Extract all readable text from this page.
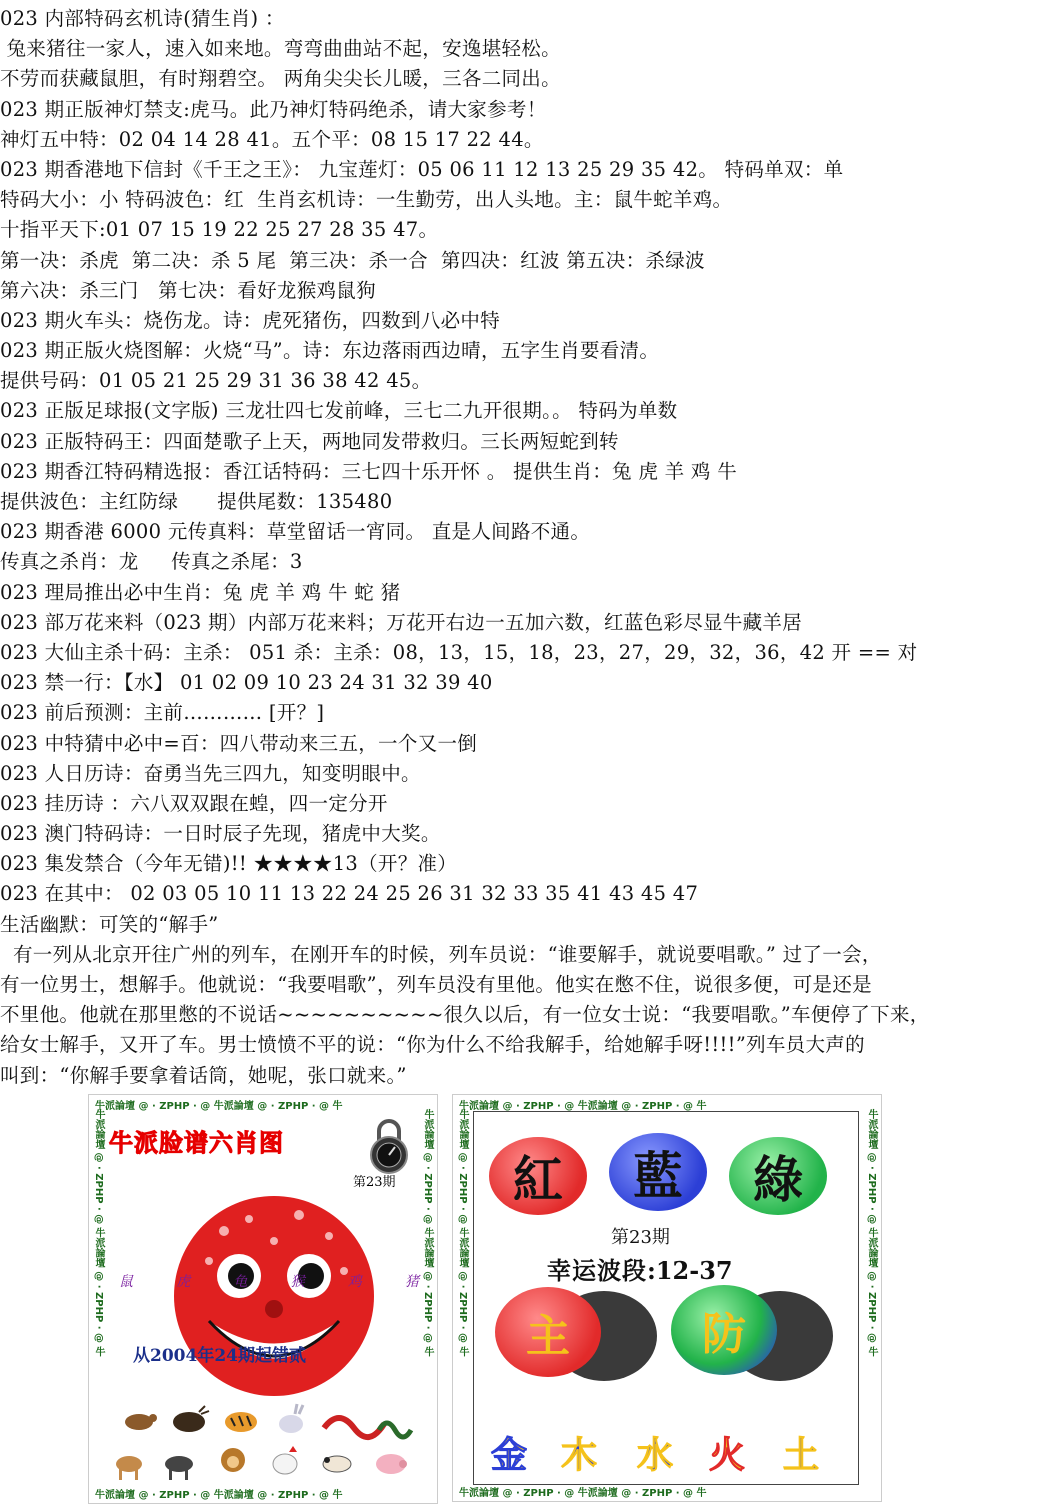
023 内部特码玄机诗(猜生肖) ：
兔来猪往一家人，速入如来地。弯弯曲曲站不起，安逸堪轻松。
不劳而获藏鼠胆，有时翔碧空。 两角尖尖长儿暖，三各二同出。
023 期正版神灯禁支:虎马。此乃神灯特码绝杀，请大家参考！
神灯五中特：02 04 14 28 41。五个平：08 15 17 22 44。
023 期香港地下信封《千王之王》： 九宝莲灯：05 06 11 12 13 25 29 35 42。 特码单双：单
特码大小：小 特码波色：红  生肖玄机诗：一生勤劳，出人头地。主：鼠牛蛇羊鸡。
十指平天下:01 07 15 19 22 25 27 28 35 47。
第一决：杀虎  第二决：杀 5 尾  第三决：杀一合  第四决：红波 第五决：杀绿波
第六决：杀三门   第七决：看好龙猴鸡鼠狗
023 期火车头：烧伤龙。诗：虎死猪伤，四数到八必中特
023 期正版火烧图解：火烧“马”。诗：东边落雨西边晴，五字生肖要看清。
提供号码：01 05 21 25 29 31 36 38 42 45。
023 正版足球报(文字版) 三龙壮四七发前峰，三七二九开很期。。 特码为单数
023 正版特码王：四面楚歌子上天，两地同发带救归。三长两短蛇到转
023 期香江特码精选报：香江话特码：三七四十乐开怀 。 提供生肖：兔 虎 羊 鸡 牛
提供波色：主红防绿      提供尾数：135480
023 期香港 6000 元传真料：草堂留话一宵同。 直是人间路不通。
传真之杀肖：龙     传真之杀尾：3
023 理局推出必中生肖：兔 虎 羊 鸡 牛 蛇 猪
023 部万花来料（023 期）内部万花来料；万花开右边一五加六数，红蓝色彩尽显牛藏羊居
023 大仙主杀十码：主杀： 051 杀：主杀：08，13，15，18，23，27，29，32，36，42 开 == 对
023 禁一行：【水】 01 02 09 10 23 24 31 32 39 40
023 前后预测：主前………… [开？]
023 中特猜中必中=百：四八带动来三五，一个又一倒
023 人日历诗：奋勇当先三四九，知变明眼中。
023 挂历诗 ：六八双双跟在蝗，四一定分开
023 澳门特码诗：一日时辰子先现，猪虎中大奖。
023 集发禁合（今年无错)!! ★★★★13（开？准）
023 在其中： 02 03 05 10 11 13 22 24 25 26 31 32 33 35 41 43 45 47
生活幽默：可笑的“解手”
有一列从北京开往广州的列车，在刚开车的时候，列车员说：“谁要解手，就说要唱歌。” 过了一会，
有一位男士，想解手。他就说：“我要唱歌”，列车员没有里他。他实在憋不住，说很多便，可是还是
不里他。他就在那里憋的不说话~~~~~~~~~~很久以后，有一位女士说：“我要唱歌。”车便停了下来，
给女士解手，又开了车。男士愤愤不平的说：“你为什么不给我解手，给她解手呀!!!!”列车员大声的
叫到：“你解手要拿着话筒，她呢，张口就来。”
牛派論壇 @ · ZPHP · @ 牛派論壇 @ · ZPHP · @ 牛
牛派論壇 @ · ZPHP · @ 牛派論壇 @ · ZPHP · @ 牛
牛派論壇 @ · ZPHP · @ 牛派論壇 @ · ZPHP · @ 牛	牛派論壇 @ · ZPHP · @ 牛派論壇 @ · ZPHP · @ 牛
牛派脸谱六肖图
第23期
鼠	虎	龟	猴	鸡	猪
从2004年24期起错贰
牛派論壇 @ · ZPHP · @ 牛派論壇 @ · ZPHP · @ 牛
牛派論壇 @ · ZPHP · @ 牛派論壇 @ · ZPHP · @ 牛
牛派論壇 @ · ZPHP · @ 牛派論壇 @ · ZPHP · @ 牛	牛派論壇 @ · ZPHP · @ 牛派論壇 @ · ZPHP · @ 牛
紅	藍	綠
第23期
幸运波段:12-37
主	防
金 木 水 火 土
